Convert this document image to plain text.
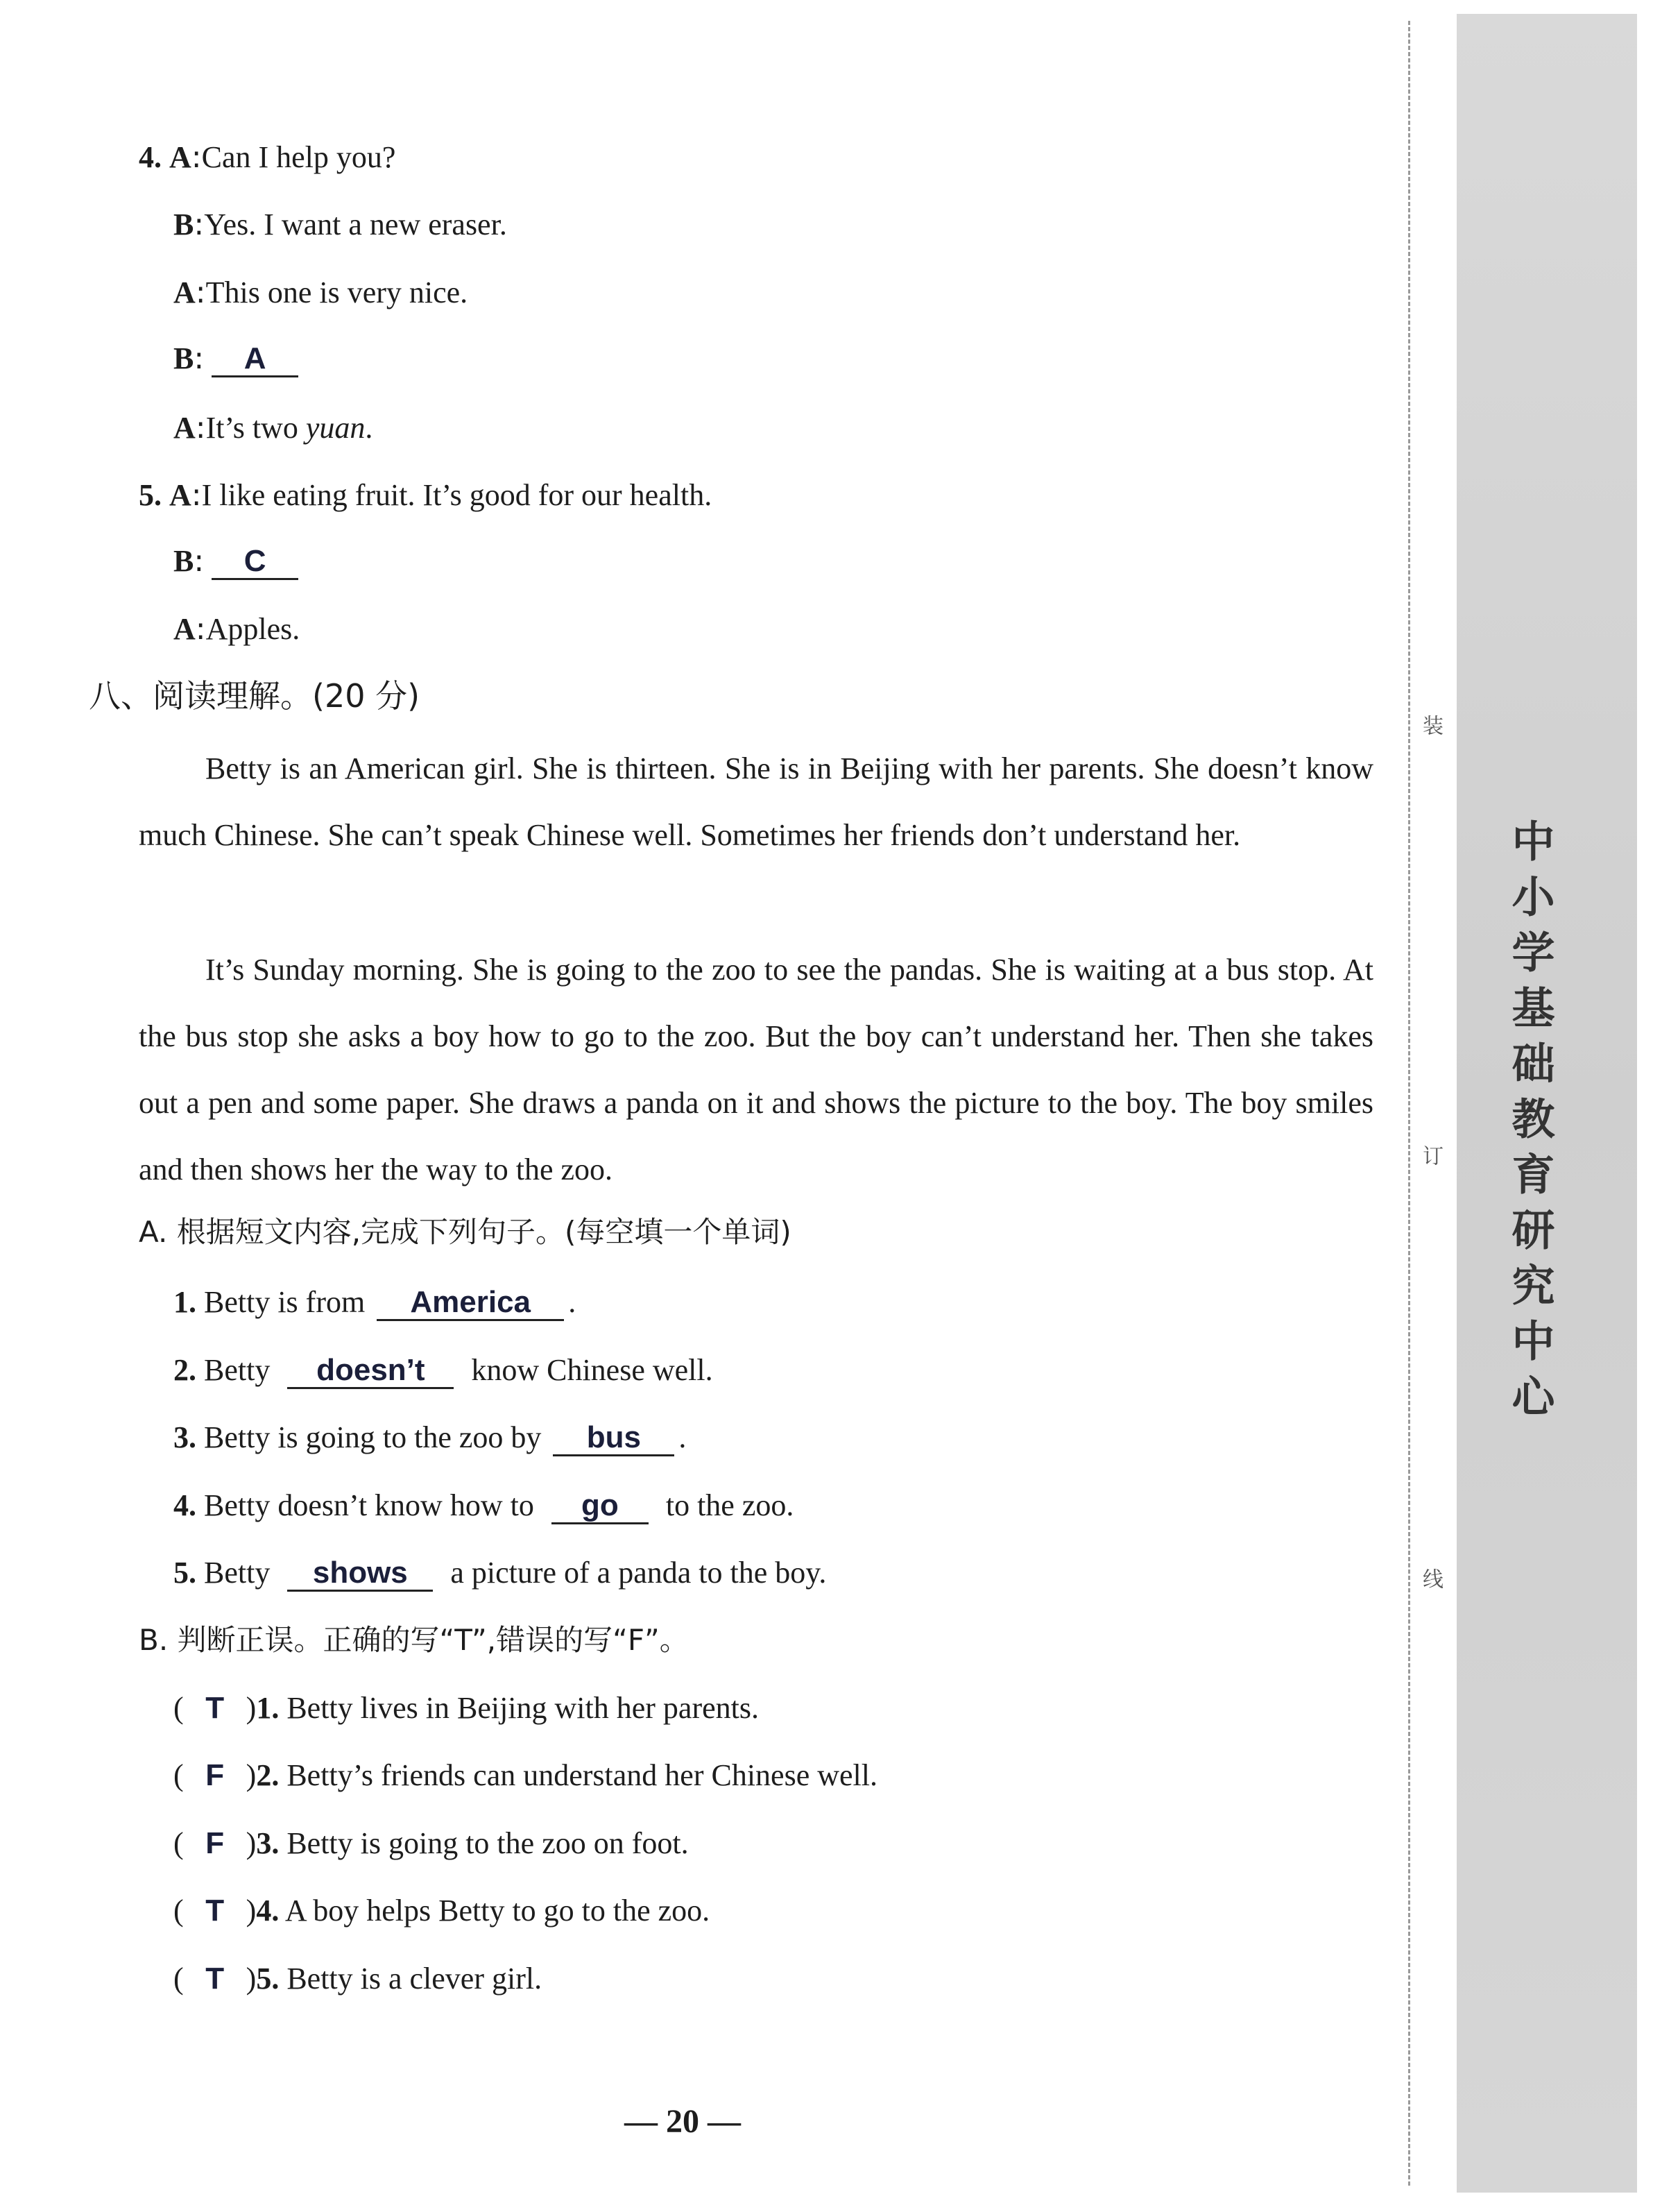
装
订
线
中小学基础教育研究中心
4. A:Can I help you?
B:Yes. I want a new eraser.
A:This one is very nice.
B: A
A:It’s two yuan.
5. A:I like eating fruit. It’s good for our health.
B: C
A:Apples.
八、阅读理解。(20 分)
Betty is an American girl. She is thirteen. She is in Beijing with her parents. She doesn’t know much Chinese. She can’t speak Chinese well. Sometimes her friends don’t understand her.
It’s Sunday morning. She is going to the zoo to see the pandas. She is waiting at a bus stop. At the bus stop she asks a boy how to go to the zoo. But the boy can’t understand her. Then she takes out a pen and some paper. She draws a panda on it and shows the picture to the boy. The boy smiles and then shows her the way to the zoo.
A. 根据短文内容,完成下列句子。(每空填一个单词)
1. Betty is from America .
2. Betty doesn’t know Chinese well.
3. Betty is going to the zoo by bus .
4. Betty doesn’t know how to go to the zoo.
5. Betty shows a picture of a panda to the boy.
B. 判断正误。正确的写“T”,错误的写“F”。
( T )1. Betty lives in Beijing with her parents.
( F )2. Betty’s friends can understand her Chinese well.
( F )3. Betty is going to the zoo on foot.
( T )4. A boy helps Betty to go to the zoo.
( T )5. Betty is a clever girl.
— 20 —
